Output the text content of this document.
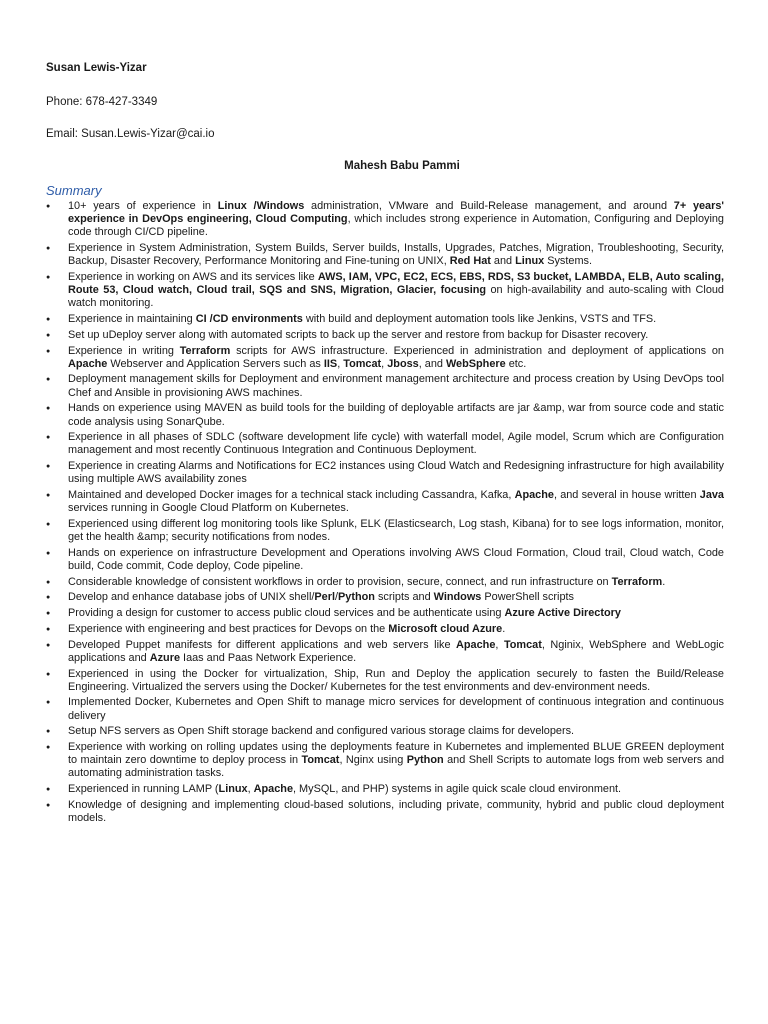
Susan Lewis-Yizar
Phone: 678-427-3349
Email: Susan.Lewis-Yizar@cai.io
Mahesh Babu Pammi
Summary
● 10+ years of experience in Linux /Windows administration, VMware and Build-Release management, and around 7+ years' experience in DevOps engineering, Cloud Computing, which includes strong experience in Automation, Configuring and Deploying code through CI/CD pipeline.
● Experience in System Administration, System Builds, Server builds, Installs, Upgrades, Patches, Migration, Troubleshooting, Security, Backup, Disaster Recovery, Performance Monitoring and Fine-tuning on UNIX, Red Hat and Linux Systems.
● Experience in working on AWS and its services like AWS, IAM, VPC, EC2, ECS, EBS, RDS, S3 bucket, LAMBDA, ELB, Auto scaling, Route 53, Cloud watch, Cloud trail, SQS and SNS, Migration, Glacier, focusing on high-availability and auto-scaling with Cloud watch monitoring.
● Experience in maintaining CI /CD environments with build and deployment automation tools like Jenkins, VSTS and TFS.
● Set up uDeploy server along with automated scripts to back up the server and restore from backup for Disaster recovery.
● Experience in writing Terraform scripts for AWS infrastructure. Experienced in administration and deployment of applications on Apache Webserver and Application Servers such as IIS, Tomcat, Jboss, and WebSphere etc.
● Deployment management skills for Deployment and environment management architecture and process creation by Using DevOps tool Chef and Ansible in provisioning AWS machines.
● Hands on experience using MAVEN as build tools for the building of deployable artifacts are jar &amp, war from source code and static code analysis using SonarQube.
● Experience in all phases of SDLC (software development life cycle) with waterfall model, Agile model, Scrum which are Configuration management and most recently Continuous Integration and Continuous Deployment.
● Experience in creating Alarms and Notifications for EC2 instances using Cloud Watch and Redesigning infrastructure for high availability using multiple AWS availability zones
● Maintained and developed Docker images for a technical stack including Cassandra, Kafka, Apache, and several in house written Java services running in Google Cloud Platform on Kubernetes.
● Experienced using different log monitoring tools like Splunk, ELK (Elasticsearch, Log stash, Kibana) for to see logs information, monitor, get the health &amp; security notifications from nodes.
● Hands on experience on infrastructure Development and Operations involving AWS Cloud Formation, Cloud trail, Cloud watch, Code build, Code commit, Code deploy, Code pipeline.
● Considerable knowledge of consistent workflows in order to provision, secure, connect, and run infrastructure on Terraform.
● Develop and enhance database jobs of UNIX shell/Perl/Python scripts and Windows PowerShell scripts
● Providing a design for customer to access public cloud services and be authenticate using Azure Active Directory
● Experience with engineering and best practices for Devops on the Microsoft cloud Azure.
● Developed Puppet manifests for different applications and web servers like Apache, Tomcat, Nginix, WebSphere and WebLogic applications and Azure Iaas and Paas Network Experience.
● Experienced in using the Docker for virtualization, Ship, Run and Deploy the application securely to fasten the Build/Release Engineering. Virtualized the servers using the Docker/ Kubernetes for the test environments and dev-environment needs.
● Implemented Docker, Kubernetes and Open Shift to manage micro services for development of continuous integration and continuous delivery
● Setup NFS servers as Open Shift storage backend and configured various storage claims for developers.
● Experience with working on rolling updates using the deployments feature in Kubernetes and implemented BLUE GREEN deployment to maintain zero downtime to deploy process in Tomcat, Nginx using Python and Shell Scripts to automate logs from web servers and automating administration tasks.
● Experienced in running LAMP (Linux, Apache, MySQL, and PHP) systems in agile quick scale cloud environment.
● Knowledge of designing and implementing cloud-based solutions, including private, community, hybrid and public cloud deployment models.
